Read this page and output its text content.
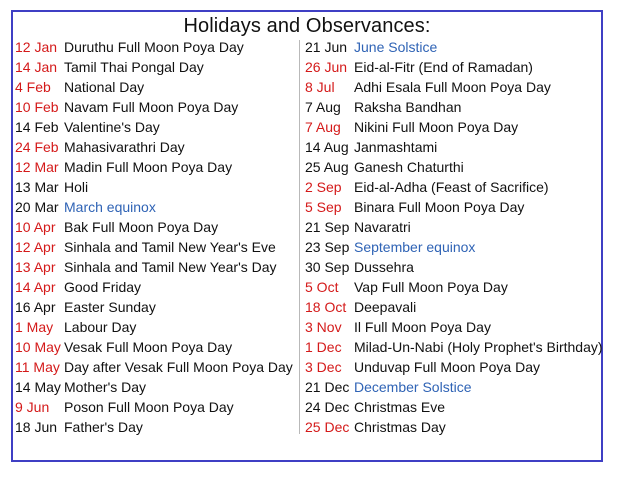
Holidays and Observances:
12 Jan Duruthu Full Moon Poya Day
14 Jan Tamil Thai Pongal Day
4 Feb National Day
10 Feb Navam Full Moon Poya Day
14 Feb Valentine's Day
24 Feb Mahasivarathri Day
12 Mar Madin Full Moon Poya Day
13 Mar Holi
20 Mar March equinox
10 Apr Bak Full Moon Poya Day
12 Apr Sinhala and Tamil New Year's Eve
13 Apr Sinhala and Tamil New Year's Day
14 Apr Good Friday
16 Apr Easter Sunday
1 May Labour Day
10 May Vesak Full Moon Poya Day
11 May Day after Vesak Full Moon Poya Day
14 May Mother's Day
9 Jun Poson Full Moon Poya Day
18 Jun Father's Day
21 Jun June Solstice
26 Jun Eid-al-Fitr (End of Ramadan)
8 Jul Adhi Esala Full Moon Poya Day
7 Aug Raksha Bandhan
7 Aug Nikini Full Moon Poya Day
14 Aug Janmashtami
25 Aug Ganesh Chaturthi
2 Sep Eid-al-Adha (Feast of Sacrifice)
5 Sep Binara Full Moon Poya Day
21 Sep Navaratri
23 Sep September equinox
30 Sep Dussehra
5 Oct Vap Full Moon Poya Day
18 Oct Deepavali
3 Nov Il Full Moon Poya Day
1 Dec Milad-Un-Nabi (Holy Prophet's Birthday)
3 Dec Unduvap Full Moon Poya Day
21 Dec December Solstice
24 Dec Christmas Eve
25 Dec Christmas Day
